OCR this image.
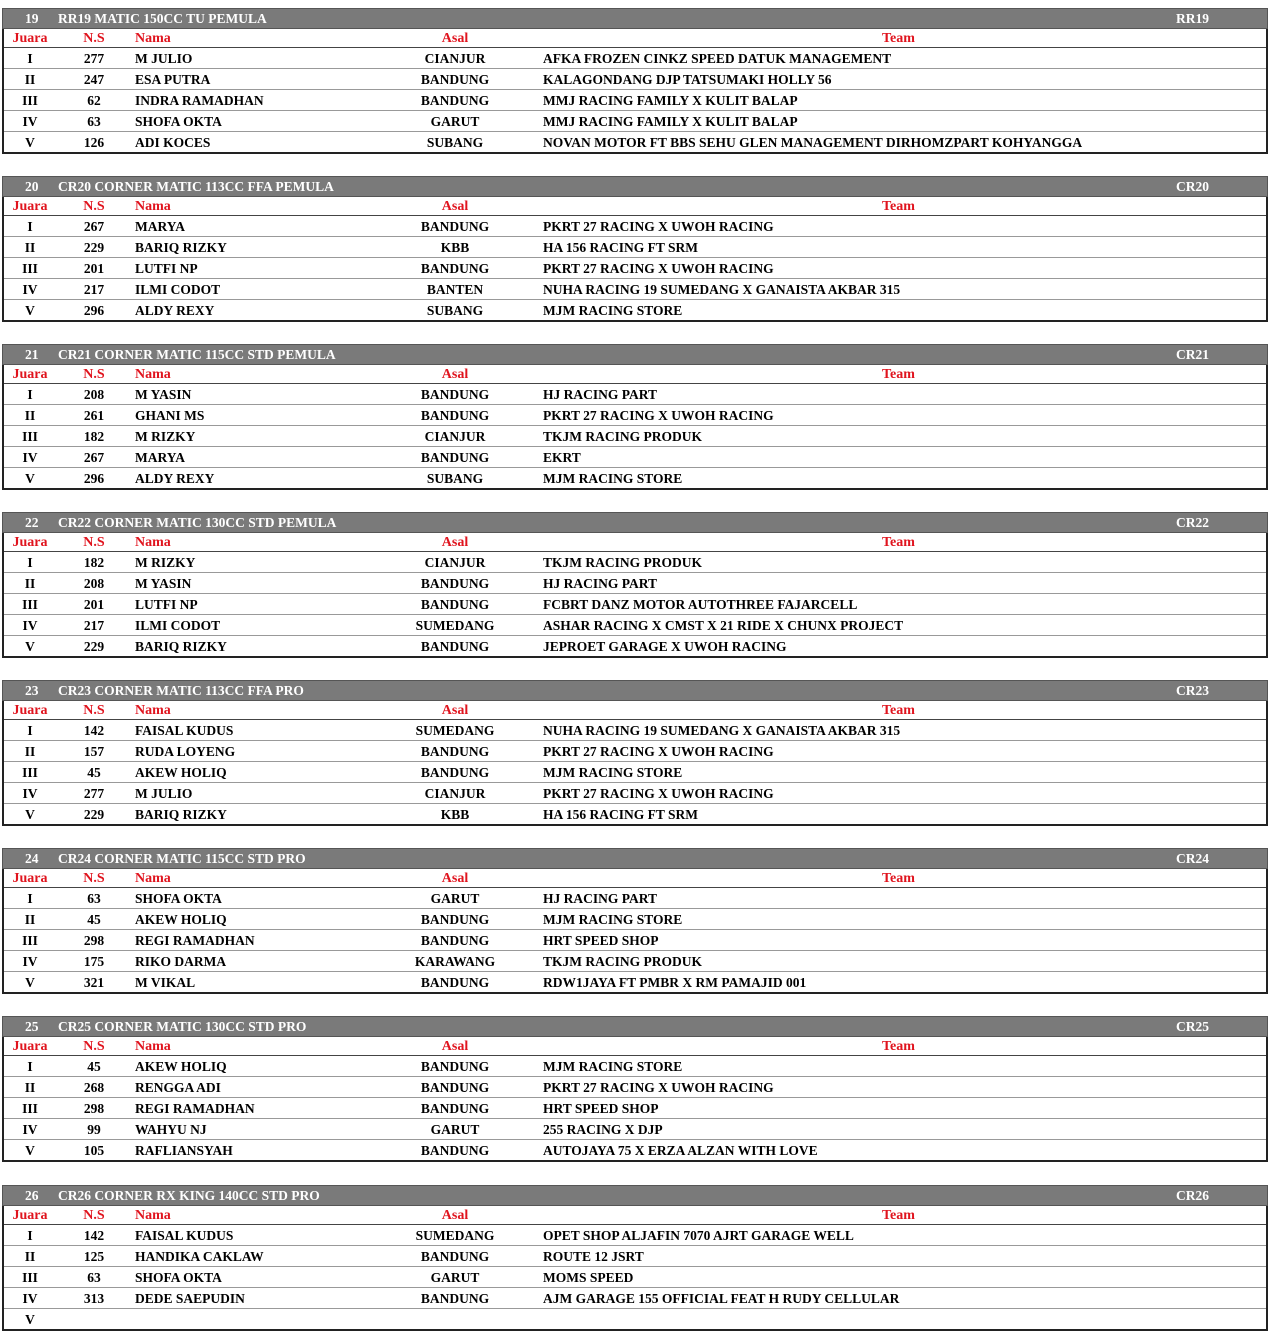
19 RR19 MATIC 150CC TU PEMULA	RR19
Juara	N.S	Nama	Asal	Team
I	277	M JULIO	CIANJUR	AFKA FROZEN CINKZ SPEED DATUK MANAGEMENT
II	247	ESA PUTRA	BANDUNG	KALAGONDANG DJP TATSUMAKI HOLLY 56
III	62	INDRA RAMADHAN	BANDUNG	MMJ RACING FAMILY X KULIT BALAP
IV	63	SHOFA OKTA	GARUT	MMJ RACING FAMILY X KULIT BALAP
V	126	ADI KOCES	SUBANG	NOVAN MOTOR FT BBS SEHU GLEN MANAGEMENT DIRHOMZPART KOHYANGGA
20 CR20 CORNER MATIC 113CC FFA PEMULA	CR20
Juara	N.S	Nama	Asal	Team
I	267	MARYA	BANDUNG	PKRT 27 RACING X UWOH RACING
II	229	BARIQ RIZKY	KBB	HA 156 RACING FT SRM
III	201	LUTFI NP	BANDUNG	PKRT 27 RACING X UWOH RACING
IV	217	ILMI CODOT	BANTEN	NUHA RACING 19 SUMEDANG X GANAISTA AKBAR 315
V	296	ALDY REXY	SUBANG	MJM RACING STORE
21 CR21 CORNER MATIC 115CC STD PEMULA	CR21
Juara	N.S	Nama	Asal	Team
I	208	M YASIN	BANDUNG	HJ RACING PART
II	261	GHANI MS	BANDUNG	PKRT 27 RACING X UWOH RACING
III	182	M RIZKY	CIANJUR	TKJM RACING PRODUK
IV	267	MARYA	BANDUNG	EKRT
V	296	ALDY REXY	SUBANG	MJM RACING STORE
22 CR22 CORNER MATIC 130CC STD PEMULA	CR22
Juara	N.S	Nama	Asal	Team
I	182	M RIZKY	CIANJUR	TKJM RACING PRODUK
II	208	M YASIN	BANDUNG	HJ RACING PART
III	201	LUTFI NP	BANDUNG	FCBRT DANZ MOTOR AUTOTHREE FAJARCELL
IV	217	ILMI CODOT	SUMEDANG	ASHAR RACING X CMST X 21 RIDE X CHUNX PROJECT
V	229	BARIQ RIZKY	BANDUNG	JEPROET GARAGE X UWOH RACING
23 CR23 CORNER MATIC 113CC FFA PRO	CR23
Juara	N.S	Nama	Asal	Team
I	142	FAISAL KUDUS	SUMEDANG	NUHA RACING 19 SUMEDANG X GANAISTA AKBAR 315
II	157	RUDA LOYENG	BANDUNG	PKRT 27 RACING X UWOH RACING
III	45	AKEW HOLIQ	BANDUNG	MJM RACING STORE
IV	277	M JULIO	CIANJUR	PKRT 27 RACING X UWOH RACING
V	229	BARIQ RIZKY	KBB	HA 156 RACING FT SRM
24 CR24 CORNER MATIC 115CC STD PRO	CR24
Juara	N.S	Nama	Asal	Team
I	63	SHOFA OKTA	GARUT	HJ RACING PART
II	45	AKEW HOLIQ	BANDUNG	MJM RACING STORE
III	298	REGI RAMADHAN	BANDUNG	HRT SPEED SHOP
IV	175	RIKO DARMA	KARAWANG	TKJM RACING PRODUK
V	321	M VIKAL	BANDUNG	RDW1JAYA FT PMBR X RM PAMAJID 001
25 CR25 CORNER MATIC 130CC STD PRO	CR25
Juara	N.S	Nama	Asal	Team
I	45	AKEW HOLIQ	BANDUNG	MJM RACING STORE
II	268	RENGGA ADI	BANDUNG	PKRT 27 RACING X UWOH RACING
III	298	REGI RAMADHAN	BANDUNG	HRT SPEED SHOP
IV	99	WAHYU NJ	GARUT	255 RACING X DJP
V	105	RAFLIANSYAH	BANDUNG	AUTOJAYA 75 X ERZA ALZAN WITH LOVE
26 CR26 CORNER RX KING 140CC STD PRO	CR26
Juara	N.S	Nama	Asal	Team
I	142	FAISAL KUDUS	SUMEDANG	OPET SHOP ALJAFIN 7070 AJRT GARAGE WELL
II	125	HANDIKA CAKLAW	BANDUNG	ROUTE 12 JSRT
III	63	SHOFA OKTA	GARUT	MOMS SPEED
IV	313	DEDE SAEPUDIN	BANDUNG	AJM GARAGE 155 OFFICIAL FEAT H RUDY CELLULAR
V
